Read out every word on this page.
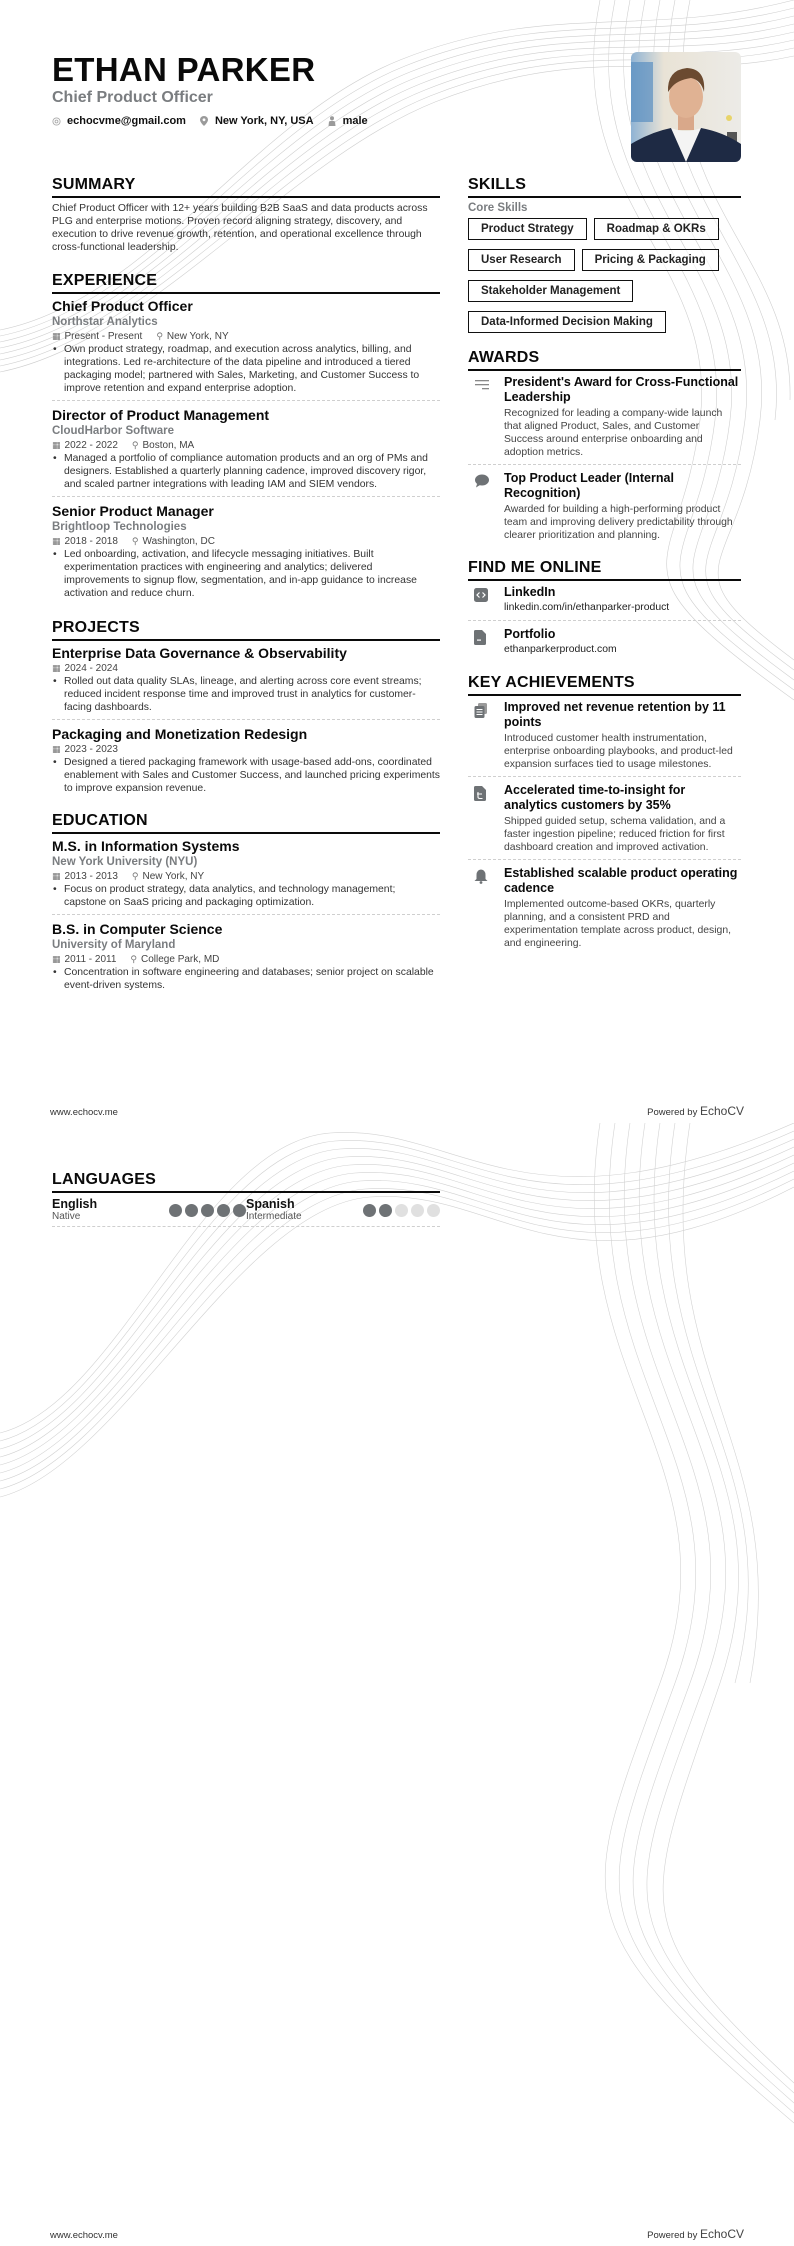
ETHAN PARKER
Chief Product Officer
echocvme@gmail.com	New York, NY, USA	male
SUMMARY

Chief Product Officer with 12+ years building B2B SaaS and data products across PLG and enterprise motions. Proven record aligning strategy, discovery, and execution to drive revenue growth, retention, and operational excellence through cross-functional leadership.

EXPERIENCE
Chief Product Officer
Northstar Analytics
▦ Present - Present ⚲ New York, NY
• Own product strategy, roadmap, and execution across analytics, billing, and integrations. Led re-architecture of the data pipeline and introduced a tiered packaging model; partnered with Sales, Marketing, and Customer Success to improve retention and expand enterprise adoption.
Director of Product Management
CloudHarbor Software
▦ 2022 - 2022 ⚲ Boston, MA
• Managed a portfolio of compliance automation products and an org of PMs and designers. Established a quarterly planning cadence, improved discovery rigor, and scaled partner integrations with leading IAM and SIEM vendors.
Senior Product Manager
Brightloop Technologies
▦ 2018 - 2018 ⚲ Washington, DC
• Led onboarding, activation, and lifecycle messaging initiatives. Built experimentation practices with engineering and analytics; delivered improvements to signup flow, segmentation, and in-app guidance to increase activation and reduce churn.
PROJECTS
Enterprise Data Governance & Observability
▦ 2024 - 2024
• Rolled out data quality SLAs, lineage, and alerting across core event streams; reduced incident response time and improved trust in analytics for customer-facing dashboards.
Packaging and Monetization Redesign
▦ 2023 - 2023
• Designed a tiered packaging framework with usage-based add-ons, coordinated enablement with Sales and Customer Success, and launched pricing experiments to improve expansion revenue.
EDUCATION
M.S. in Information Systems
New York University (NYU)
▦ 2013 - 2013 ⚲ New York, NY
• Focus on product strategy, data analytics, and technology management; capstone on SaaS pricing and packaging optimization.
B.S. in Computer Science
University of Maryland
▦ 2011 - 2011 ⚲ College Park, MD
• Concentration in software engineering and databases; senior project on scalable event-driven systems.
SKILLS
Core Skills
Product Strategy	Roadmap & OKRs
User Research	Pricing & Packaging
Stakeholder Management
Data-Informed Decision Making
AWARDS
President's Award for Cross-Functional Leadership
Recognized for leading a company-wide launch that aligned Product, Sales, and Customer Success around enterprise onboarding and adoption metrics.
Top Product Leader (Internal Recognition)
Awarded for building a high-performing product team and improving delivery predictability through clearer prioritization and planning.
FIND ME ONLINE
LinkedIn
linkedin.com/in/ethanparker-product
Portfolio
ethanparkerproduct.com
KEY ACHIEVEMENTS
Improved net revenue retention by 11 points
Introduced customer health instrumentation, enterprise onboarding playbooks, and product-led expansion surfaces tied to usage milestones.
Accelerated time-to-insight for analytics customers by 35%
Shipped guided setup, schema validation, and a faster ingestion pipeline; reduced friction for first dashboard creation and improved activation.
Established scalable product operating cadence
Implemented outcome-based OKRs, quarterly planning, and a consistent PRD and experimentation template across product, design, and engineering.
www.echocv.me	Powered by EchoCV
LANGUAGES
English
Native
Spanish
Intermediate
www.echocv.me	Powered by EchoCV
